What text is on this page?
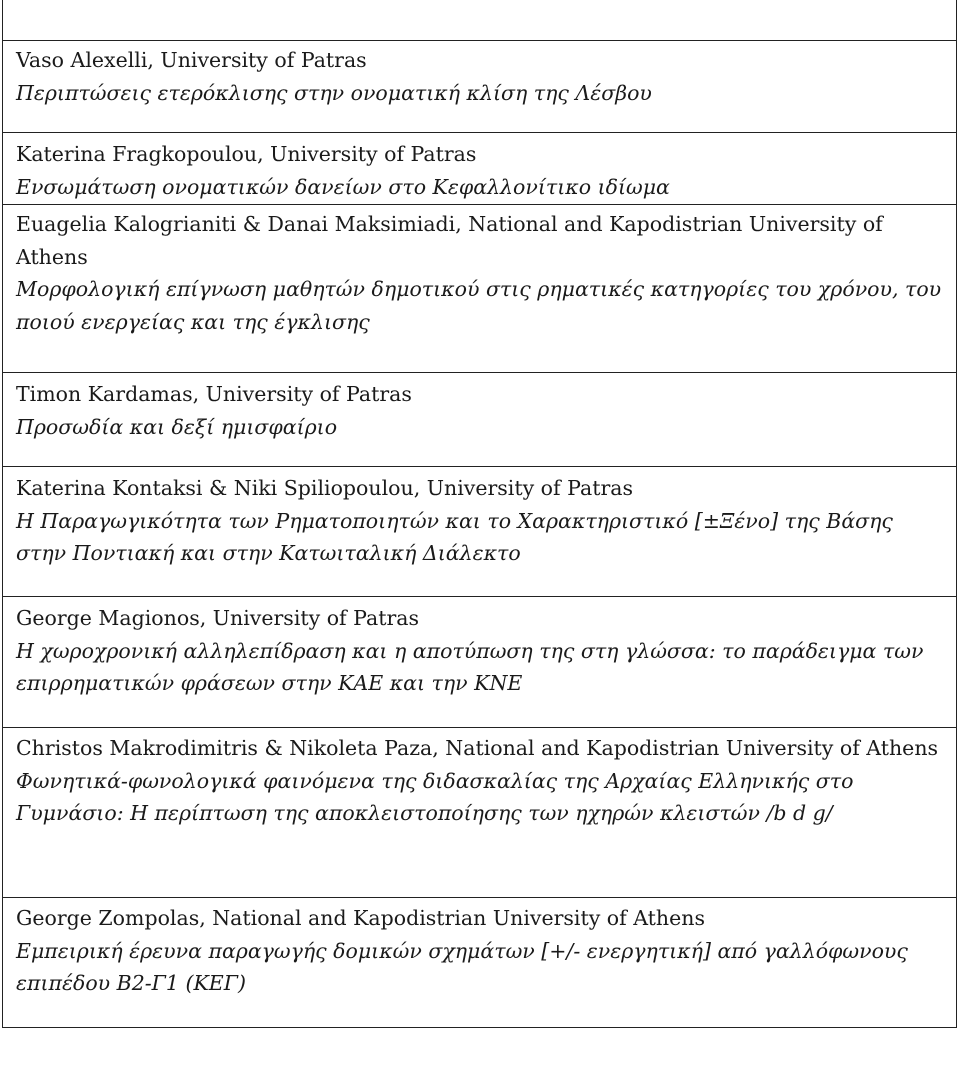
Vaso Alexelli, University of Patras
Περιπτώσεις ετερόκλισης στην ονοματική κλίση της Λέσβου
Katerina Fragkopoulou, University of Patras
Ενσωμάτωση ονοματικών δανείων στο Κεφαλλονίτικο ιδίωμα
Euagelia Kalogrianiti & Danai Maksimiadi, National and Kapodistrian University of Athens
Μορφολογική επίγνωση μαθητών δημοτικού στις ρηματικές κατηγορίες του χρόνου, του ποιού ενεργείας και της έγκλισης
Timon Kardamas, University of Patras
Προσωδία και δεξί ημισφαίριο
Katerina Kontaksi & Niki Spiliopoulou, University of Patras
Η Παραγωγικότητα των Ρηματοποιητών και το Χαρακτηριστικό [±Ξένο] της Βάσης στην Ποντιακή και στην Κατωιταλική Διάλεκτο
George Magionos, University of Patras
Η χωροχρονική αλληλεπίδραση και η αποτύπωση της στη γλώσσα: το παράδειγμα των επιρρηματικών φράσεων στην ΚΑΕ και την ΚΝΕ
Christos Makrodimitris & Nikoleta Paza, National and Kapodistrian University of Athens
Φωνητικά-φωνολογικά φαινόμενα της διδασκαλίας της Αρχαίας Ελληνικής στο Γυμνάσιο: Η περίπτωση της αποκλειστοποίησης των ηχηρών κλειστών /b d g/
George Zompolas, National and Kapodistrian University of Athens
Εμπειρική έρευνα παραγωγής δομικών σχημάτων [+/- ενεργητική] από γαλλόφωνους επιπέδου Β2-Γ1 (ΚΕΓ)
